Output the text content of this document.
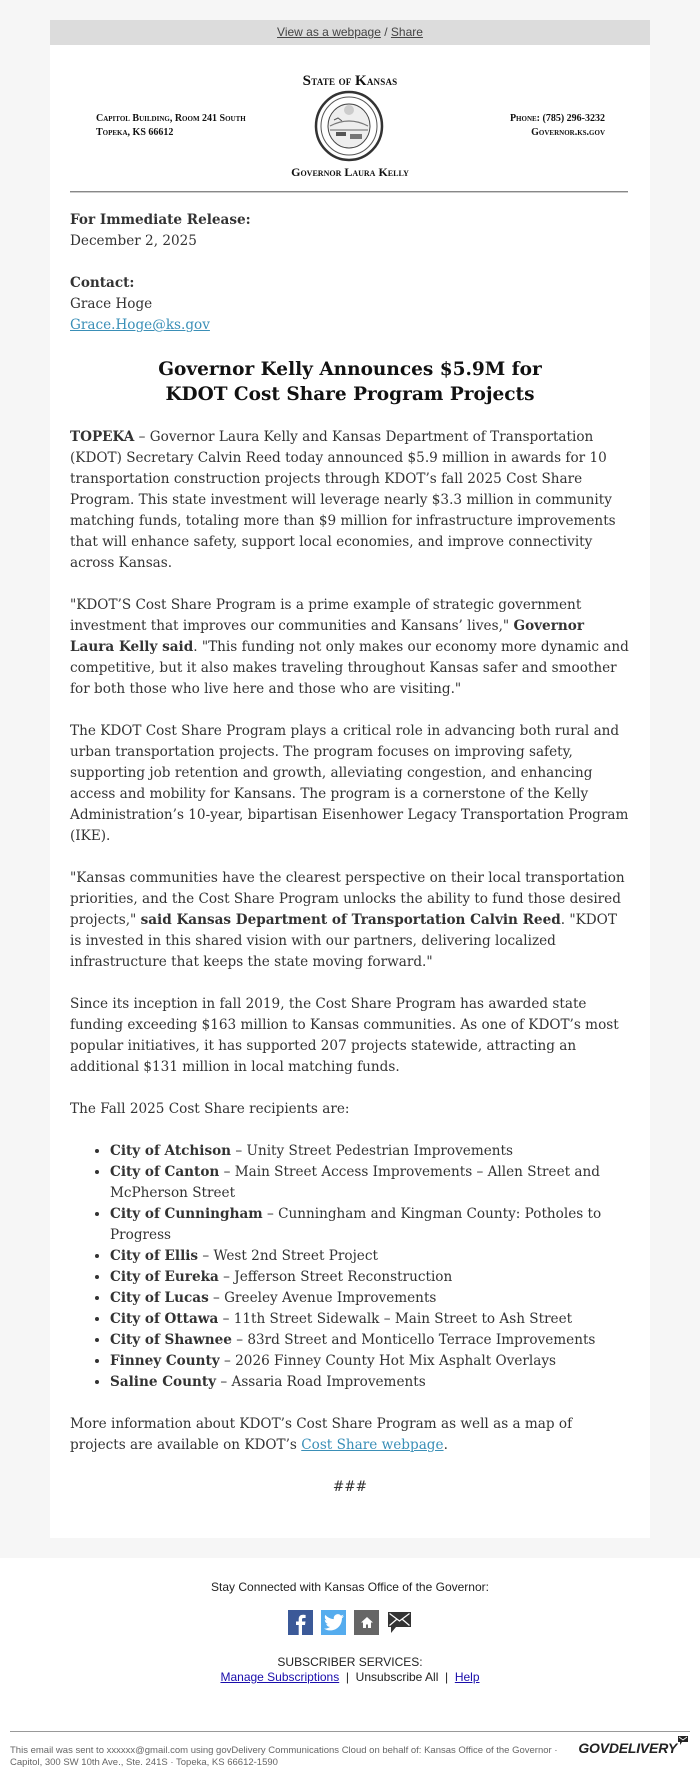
View as a webpage / Share
State of Kansas
Capitol Building, Room 241 South
Topeka, KS 66612
Phone: (785) 296-3232
Governor.ks.gov
Governor Laura Kelly

For Immediate Release:
December 2, 2025

Contact:
Grace Hoge
Grace.Hoge@ks.gov

Governor Kelly Announces $5.9M for
KDOT Cost Share Program Projects

TOPEKA – Governor Laura Kelly and Kansas Department of Transportation (KDOT) Secretary Calvin Reed today announced $5.9 million in awards for 10 transportation construction projects through KDOT’s fall 2025 Cost Share Program. This state investment will leverage nearly $3.3 million in community matching funds, totaling more than $9 million for infrastructure improvements that will enhance safety, support local economies, and improve connectivity across Kansas.

"KDOT’S Cost Share Program is a prime example of strategic government investment that improves our communities and Kansans’ lives," Governor Laura Kelly said. "This funding not only makes our economy more dynamic and competitive, but it also makes traveling throughout Kansas safer and smoother for both those who live here and those who are visiting."

The KDOT Cost Share Program plays a critical role in advancing both rural and urban transportation projects. The program focuses on improving safety, supporting job retention and growth, alleviating congestion, and enhancing access and mobility for Kansans. The program is a cornerstone of the Kelly Administration’s 10-year, bipartisan Eisenhower Legacy Transportation Program (IKE).

"Kansas communities have the clearest perspective on their local transportation priorities, and the Cost Share Program unlocks the ability to fund those desired projects," said Kansas Department of Transportation Calvin Reed. "KDOT is invested in this shared vision with our partners, delivering localized infrastructure that keeps the state moving forward."

Since its inception in fall 2019, the Cost Share Program has awarded state funding exceeding $163 million to Kansas communities. As one of KDOT’s most popular initiatives, it has supported 207 projects statewide, attracting an additional $131 million in local matching funds.

The Fall 2025 Cost Share recipients are:

• City of Atchison – Unity Street Pedestrian Improvements
• City of Canton – Main Street Access Improvements – Allen Street and McPherson Street
• City of Cunningham – Cunningham and Kingman County: Potholes to Progress
• City of Ellis – West 2nd Street Project
• City of Eureka – Jefferson Street Reconstruction
• City of Lucas – Greeley Avenue Improvements
• City of Ottawa – 11th Street Sidewalk – Main Street to Ash Street
• City of Shawnee – 83rd Street and Monticello Terrace Improvements
• Finney County – 2026 Finney County Hot Mix Asphalt Overlays
• Saline County – Assaria Road Improvements

More information about KDOT’s Cost Share Program as well as a map of projects are available on KDOT’s Cost Share webpage.

###
Stay Connected with Kansas Office of the Governor:
SUBSCRIBER SERVICES:
Manage Subscriptions  |  Unsubscribe All  |  Help
This email was sent to xxxxxx@gmail.com using govDelivery Communications Cloud on behalf of: Kansas Office of the Governor · Capitol, 300 SW 10th Ave., Ste. 241S · Topeka, KS 66612-1590
GOVDELIVERY
